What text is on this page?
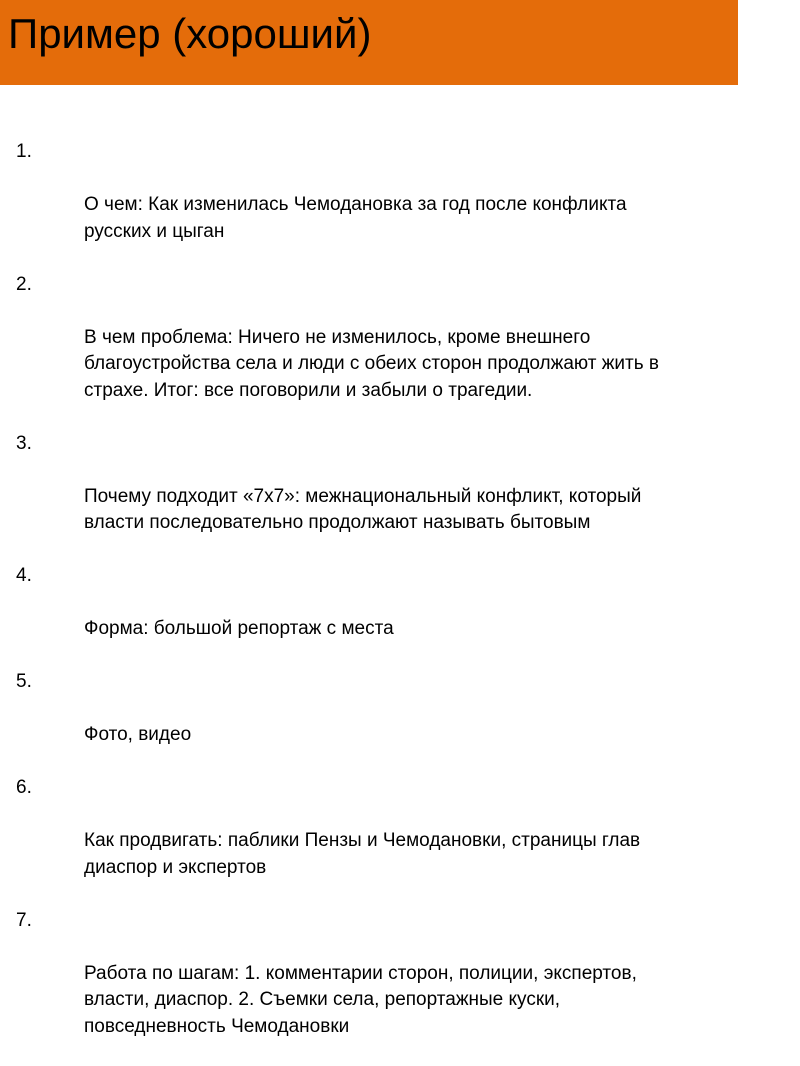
Пример (хороший)

1.

О чем: Как изменилась Чемодановка за год после конфликта
русских и цыган

2.

В чем проблема: Ничего не изменилось, кроме внешнего
благоустройства села и люди с обеих сторон продолжают жить в
страхе. Итог: все поговорили и забыли о трагедии.

3.

Почему подходит «7х7»: межнациональный конфликт, который
власти последовательно продолжают называть бытовым

4.

Форма: большой репортаж с места

5.

Фото, видео

6.

Как продвигать: паблики Пензы и Чемодановки, страницы глав
диаспор и экспертов

7.

Работа по шагам: 1. комментарии сторон, полиции, экспертов,
власти, диаспор. 2. Съемки села, репортажные куски,
повседневность Чемодановки
